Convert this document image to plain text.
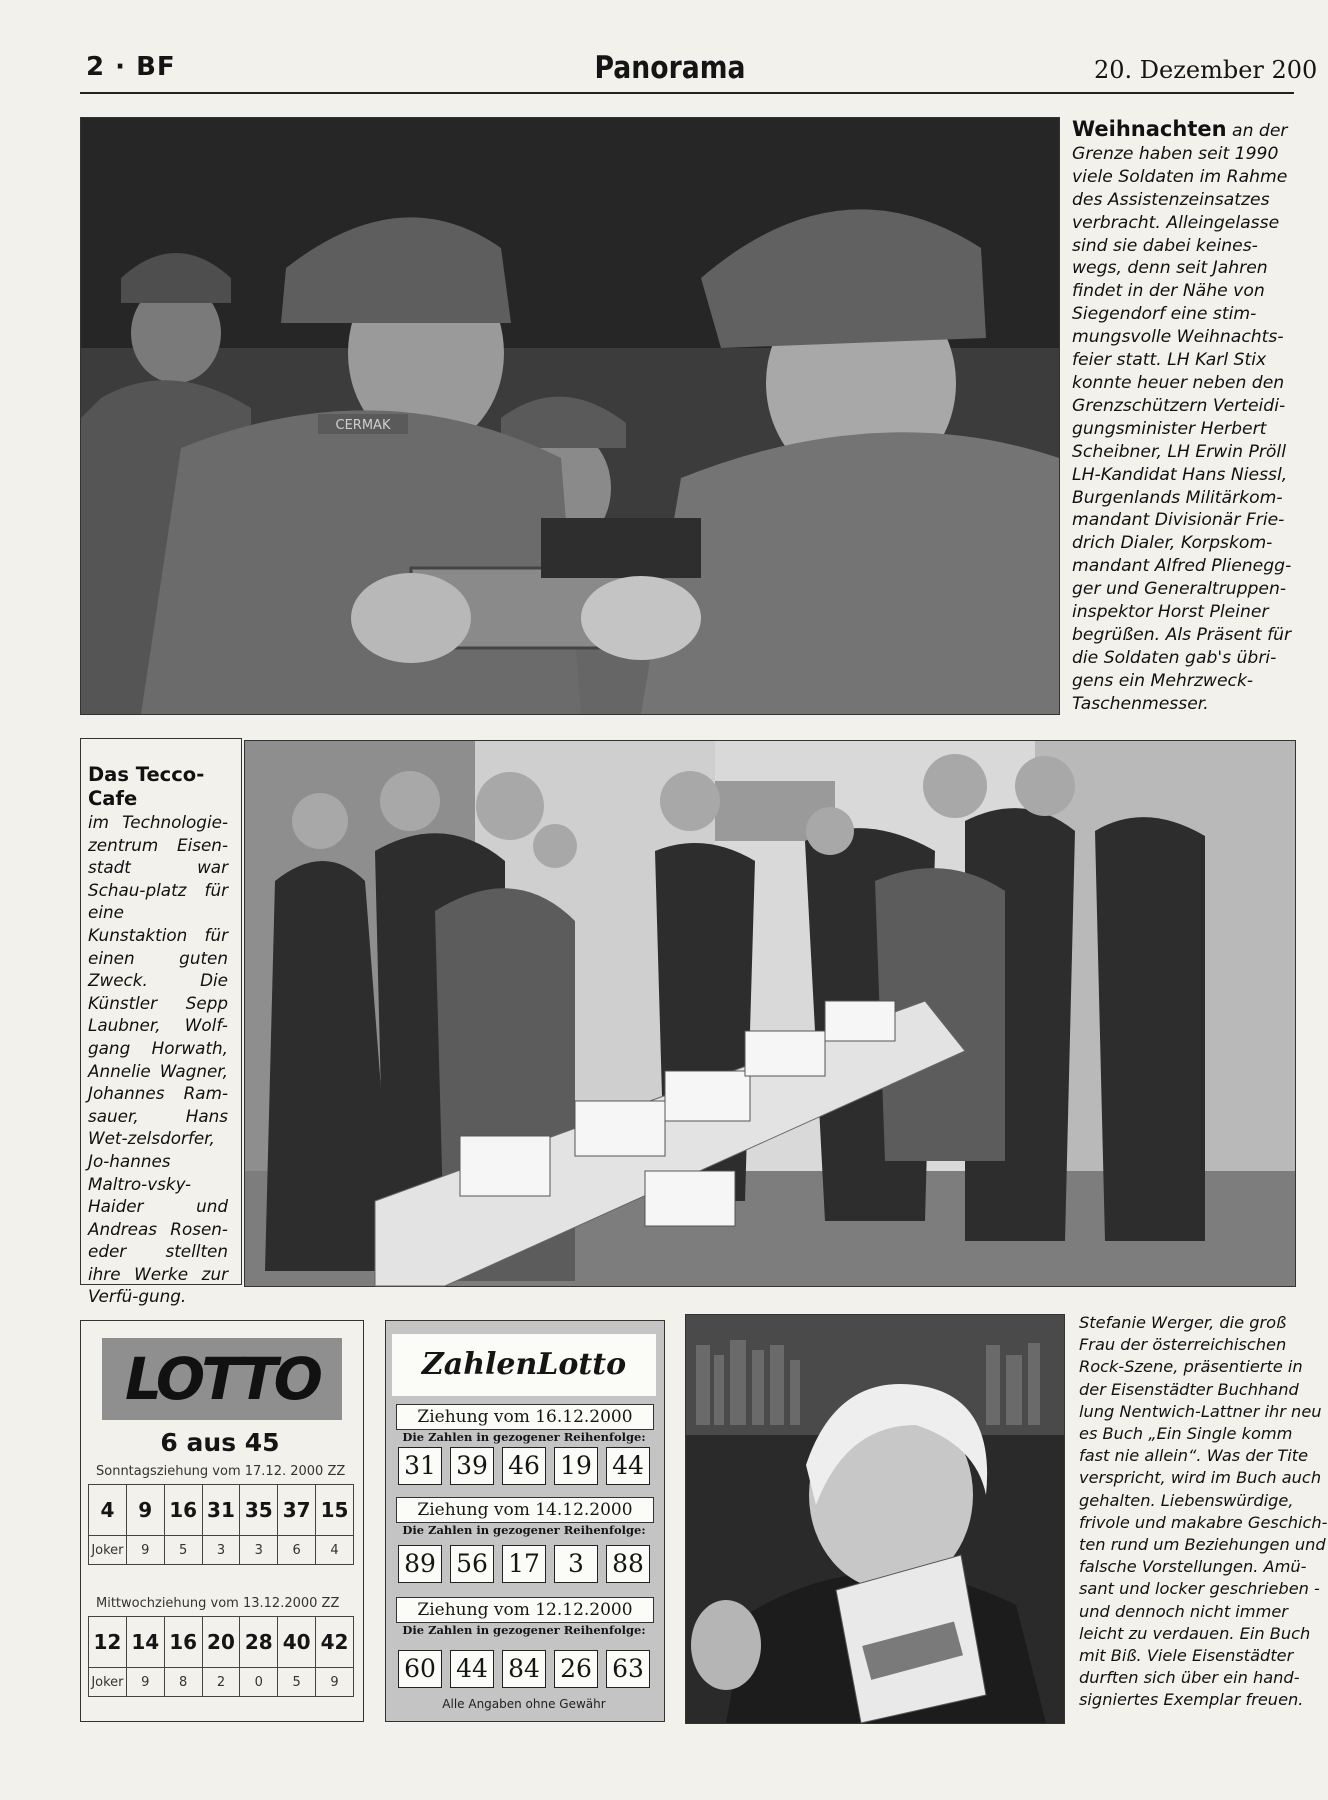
2 · BF	Panorama	20. Dezember 200
CERMAK
Weihnachten an der
Grenze haben seit 1990
viele Soldaten im Rahme
des Assistenzeinsatzes
verbracht. Alleingelasse
sind sie dabei keines-
wegs, denn seit Jahren
findet in der Nähe von
Siegendorf eine stim-
mungsvolle Weihnachts-
feier statt. LH Karl Stix
konnte heuer neben den
Grenzschützern Verteidi-
gungsminister Herbert
Scheibner, LH Erwin Pröll
LH-Kandidat Hans Niessl,
Burgenlands Militärkom-
mandant Divisionär Frie-
drich Dialer, Korpskom-
mandant Alfred Plienegg-
ger und Generaltruppen-
inspektor Horst Pleiner
begrüßen. Als Präsent für
die Soldaten gab's übri-
gens ein Mehrzweck-
Taschenmesser.
Das Tecco-Cafe
im Technologie-zentrum Eisen-stadt war Schau-platz für eine Kunstaktion für einen guten Zweck. Die Künstler Sepp Laubner, Wolf-gang Horwath, Annelie Wagner, Johannes Ram-sauer, Hans Wet-zelsdorfer, Jo-hannes Maltro-vsky-Haider und Andreas Rosen-eder stellten ihre Werke zur Verfü-gung.
LOTTO
6 aus 45
Sonntagsziehung vom 17.12. 2000 ZZ
4	9	16	31	35	37	15
Joker	9	5	3	3	6	4
Mittwochziehung vom 13.12.2000 ZZ
12	14	16	20	28	40	42
Joker	9	8	2	0	5	9
ZahlenLotto
Ziehung vom 16.12.2000
Die Zahlen in gezogener Reihenfolge:
31 39 46 19 44
Ziehung vom 14.12.2000
Die Zahlen in gezogener Reihenfolge:
89 56 17	3	88
Ziehung vom 12.12.2000
Die Zahlen in gezogener Reihenfolge:
60 44 84 26 63
Alle Angaben ohne Gewähr
Stefanie Werger, die groß
Frau der österreichischen
Rock-Szene, präsentierte in
der Eisenstädter Buchhand
lung Nentwich-Lattner ihr neu
es Buch „Ein Single komm
fast nie allein“. Was der Tite
verspricht, wird im Buch auch
gehalten. Liebenswürdige,
frivole und makabre Geschich-
ten rund um Beziehungen und
falsche Vorstellungen. Amü-
sant und locker geschrieben -
und dennoch nicht immer
leicht zu verdauen. Ein Buch
mit Biß. Viele Eisenstädter
durften sich über ein hand-
signiertes Exemplar freuen.
